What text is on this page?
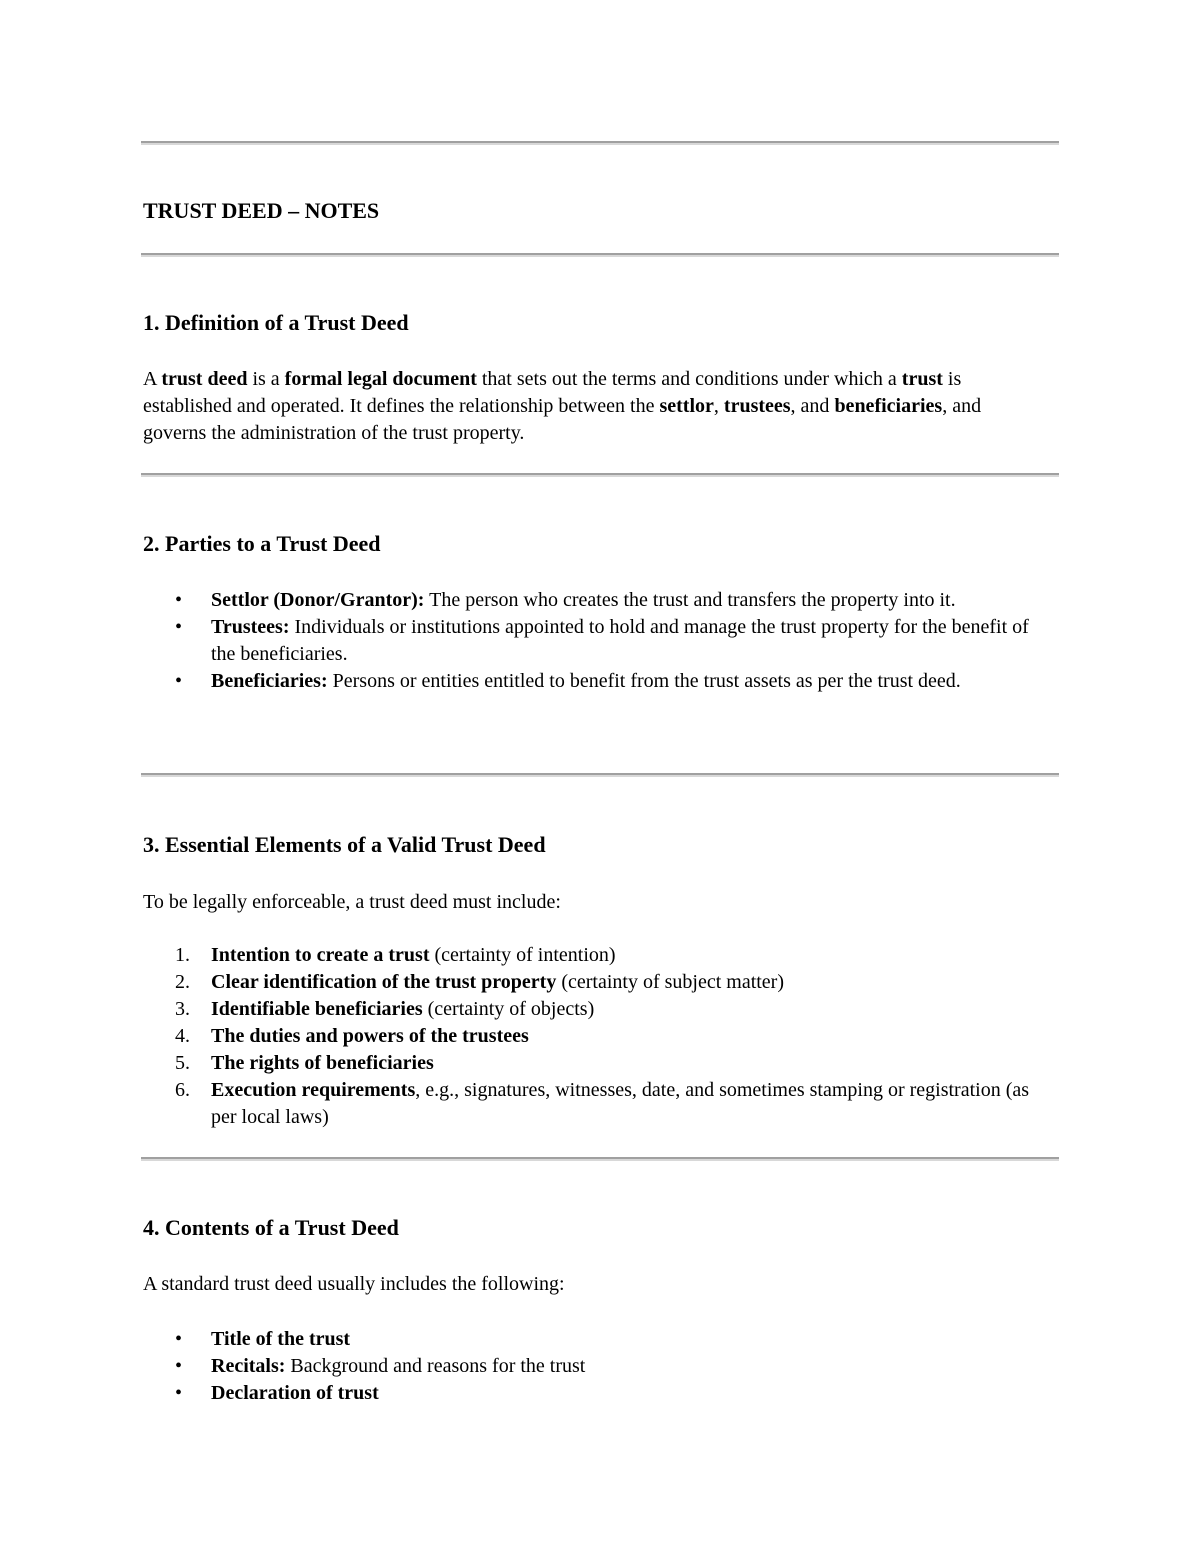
TRUST DEED – NOTES
1. Definition of a Trust Deed

A trust deed is a formal legal document that sets out the terms and conditions under which a trust is established and operated. It defines the relationship between the settlor, trustees, and beneficiaries, and governs the administration of the trust property.

2. Parties to a Trust Deed
• Settlor (Donor/Grantor): The person who creates the trust and transfers the property into it.
• Trustees: Individuals or institutions appointed to hold and manage the trust property for the benefit of the beneficiaries.
• Beneficiaries: Persons or entities entitled to benefit from the trust assets as per the trust deed.
3. Essential Elements of a Valid Trust Deed

To be legally enforceable, a trust deed must include:

1. Intention to create a trust (certainty of intention)
2. Clear identification of the trust property (certainty of subject matter)
3. Identifiable beneficiaries (certainty of objects)
4. The duties and powers of the trustees
5. The rights of beneficiaries
6. Execution requirements, e.g., signatures, witnesses, date, and sometimes stamping or registration (as per local laws)
4. Contents of a Trust Deed

A standard trust deed usually includes the following:

• Title of the trust
• Recitals: Background and reasons for the trust
• Declaration of trust
